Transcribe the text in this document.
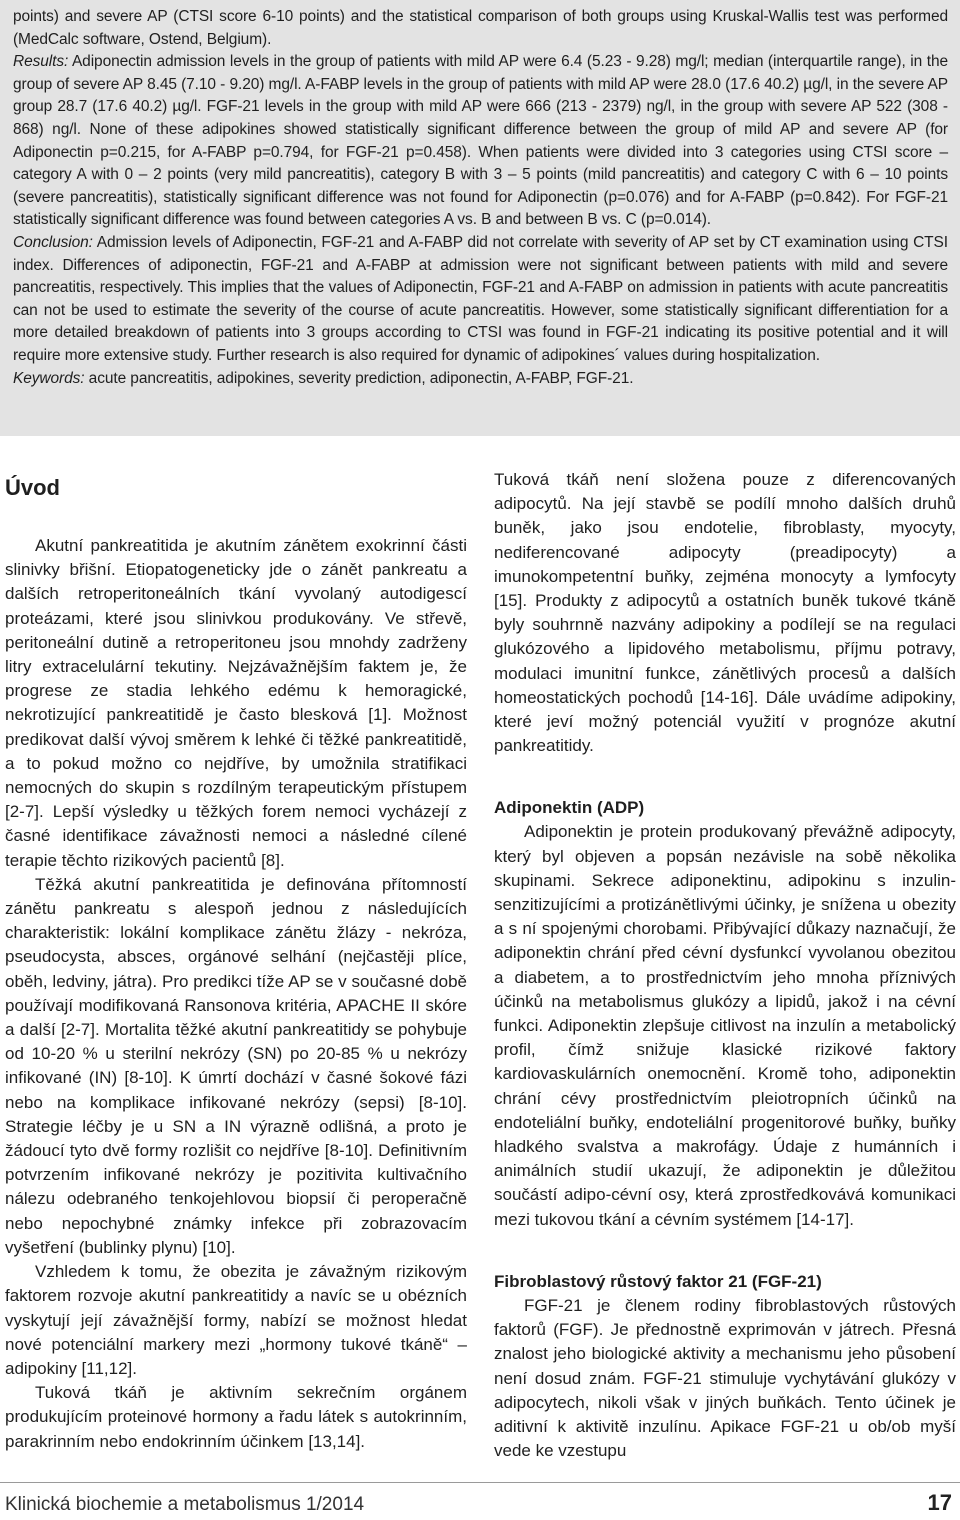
points) and severe AP (CTSI score 6-10 points) and the statistical comparison of both groups using Kruskal-Wallis test was performed (MedCalc software, Ostend, Belgium).
Results: Adiponectin admission levels in the group of patients with mild AP were 6.4 (5.23 - 9.28) mg/l; median (interquartile range), in the group of severe AP 8.45 (7.10 - 9.20) mg/l. A-FABP levels in the group of patients with mild AP were 28.0 (17.6 40.2) µg/l, in the severe AP group 28.7 (17.6 40.2) µg/l. FGF-21 levels in the group with mild AP were 666 (213 - 2379) ng/l, in the group with severe AP 522 (308 - 868) ng/l. None of these adipokines showed statistically significant difference between the group of mild AP and severe AP (for Adiponectin p=0.215, for A-FABP p=0.794, for FGF-21 p=0.458). When patients were divided into 3 categories using CTSI score – category A with 0 – 2 points (very mild pancreatitis), category B with 3 – 5 points (mild pancreatitis) and category C with 6 – 10 points (severe pancreatitis), statistically significant difference was not found for Adiponectin (p=0.076) and for A-FABP (p=0.842). For FGF-21 statistically significant difference was found between categories A vs. B and between B vs. C (p=0.014).
Conclusion: Admission levels of Adiponectin, FGF-21 and A-FABP did not correlate with severity of AP set by CT examination using CTSI index. Differences of adiponectin, FGF-21 and A-FABP at admission were not significant between patients with mild and severe pancreatitis, respectively. This implies that the values of Adiponectin, FGF-21 and A-FABP on admission in patients with acute pancreatitis can not be used to estimate the severity of the course of acute pancreatitis. However, some statistically significant differentiation for a more detailed breakdown of patients into 3 groups according to CTSI was found in FGF-21 indicating its positive potential and it will require more extensive study. Further research is also required for dynamic of adipokines´ values during hospitalization.
Keywords: acute pancreatitis, adipokines, severity prediction, adiponectin, A-FABP, FGF-21.

Úvod

Akutní pankreatitida je akutním zánětem exokrinní části slinivky břišní. Etiopatogeneticky jde o zánět pankreatu a dalších retroperitoneálních tkání vyvolaný autodigescí proteázami, které jsou slinivkou produkovány. Ve střevě, peritoneální dutině a retroperitoneu jsou mnohdy zadrženy litry extracelulární tekutiny. Nejzávažnějším faktem je, že progrese ze stadia lehkého edému k hemoragické, nekrotizující pankreatitidě je často blesková [1]. Možnost predikovat další vývoj směrem k lehké či těžké pankreatitidě, a to pokud možno co nejdříve, by umožnila stratifikaci nemocných do skupin s rozdílným terapeutickým přístupem [2-7]. Lepší výsledky u těžkých forem nemoci vycházejí z časné identifikace závažnosti nemoci a následné cílené terapie těchto rizikových pacientů [8].

Těžká akutní pankreatitida je definována přítomností zánětu pankreatu s alespoň jednou z následujících charakteristik: lokální komplikace zánětu žlázy - nekróza, pseudocysta, absces, orgánové selhání (nejčastěji plíce, oběh, ledviny, játra). Pro predikci tíže AP se v současné době používají modifikovaná Ransonova kritéria, APACHE II skóre a další [2-7]. Mortalita těžké akutní pankreatitidy se pohybuje od 10-20 % u sterilní nekrózy (SN) po 20-85 % u nekrózy infikované (IN) [8-10]. K úmrtí dochází v časné šokové fázi nebo na komplikace infikované nekrózy (sepsi) [8-10]. Strategie léčby je u SN a IN výrazně odlišná, a proto je žádoucí tyto dvě formy rozlišit co nejdříve [8-10]. Definitivním potvrzením infikované nekrózy je pozitivita kultivačního nálezu odebraného tenkojehlovou biopsií či peroperačně nebo nepochybné známky infekce při zobrazovacím vyšetření (bublinky plynu) [10].

Vzhledem k tomu, že obezita je závažným rizikovým faktorem rozvoje akutní pankreatitidy a navíc se u obézních vyskytují její závažnější formy, nabízí se možnost hledat nové potenciální markery mezi „hormony tukové tkáně“ – adipokiny [11,12].

Tuková tkáň je aktivním sekrečním orgánem produkujícím proteinové hormony a řadu látek s autokrinním, parakrinním nebo endokrinním účinkem [13,14].

Tuková tkáň není složena pouze z diferencovaných adipocytů. Na její stavbě se podílí mnoho dalších druhů buněk, jako jsou endotelie, fibroblasty, myocyty, nediferencované adipocyty (preadipocyty) a imunokompetentní buňky, zejména monocyty a lymfocyty [15]. Produkty z adipocytů a ostatních buněk tukové tkáně byly souhrnně nazvány adipokiny a podílejí se na regulaci glukózového a lipidového metabolismu, příjmu potravy, modulaci imunitní funkce, zánětlivých procesů a dalších homeostatických pochodů [14-16]. Dále uvádíme adipokiny, které jeví možný potenciál využití v prognóze akutní pankreatitidy.

Adiponektin (ADP)

Adiponektin je protein produkovaný převážně adipocyty, který byl objeven a popsán nezávisle na sobě několika skupinami. Sekrece adiponektinu, adipokinu s inzulin-senzitizujícími a protizánětlivými účinky, je snížena u obezity a s ní spojenými chorobami. Přibývající důkazy naznačují, že adiponektin chrání před cévní dysfunkcí vyvolanou obezitou a diabetem, a to prostřednictvím jeho mnoha příznivých účinků na metabolismus glukózy a lipidů, jakož i na cévní funkci. Adiponektin zlepšuje citlivost na inzulín a metabolický profil, čímž snižuje klasické rizikové faktory kardiovaskulárních onemocnění. Kromě toho, adiponektin chrání cévy prostřednictvím pleiotropních účinků na endoteliální buňky, endoteliální progenitorové buňky, buňky hladkého svalstva a makrofágy. Údaje z humánních i animálních studií ukazují, že adiponektin je důležitou součástí adipo-cévní osy, která zprostředkovává komunikaci mezi tukovou tkání a cévním systémem [14-17].

Fibroblastový růstový faktor 21 (FGF-21)

FGF-21 je členem rodiny fibroblastových růstových faktorů (FGF). Je přednostně exprimován v játrech. Přesná znalost jeho biologické aktivity a mechanismu jeho působení není dosud znám. FGF-21 stimuluje vychytávání glukózy v adipocytech, nikoli však v jiných buňkách. Tento účinek je aditivní k aktivitě inzulínu. Apikace FGF-21 u ob/ob myší vede ke vzestupu

Klinická biochemie a metabolismus 1/2014	17
